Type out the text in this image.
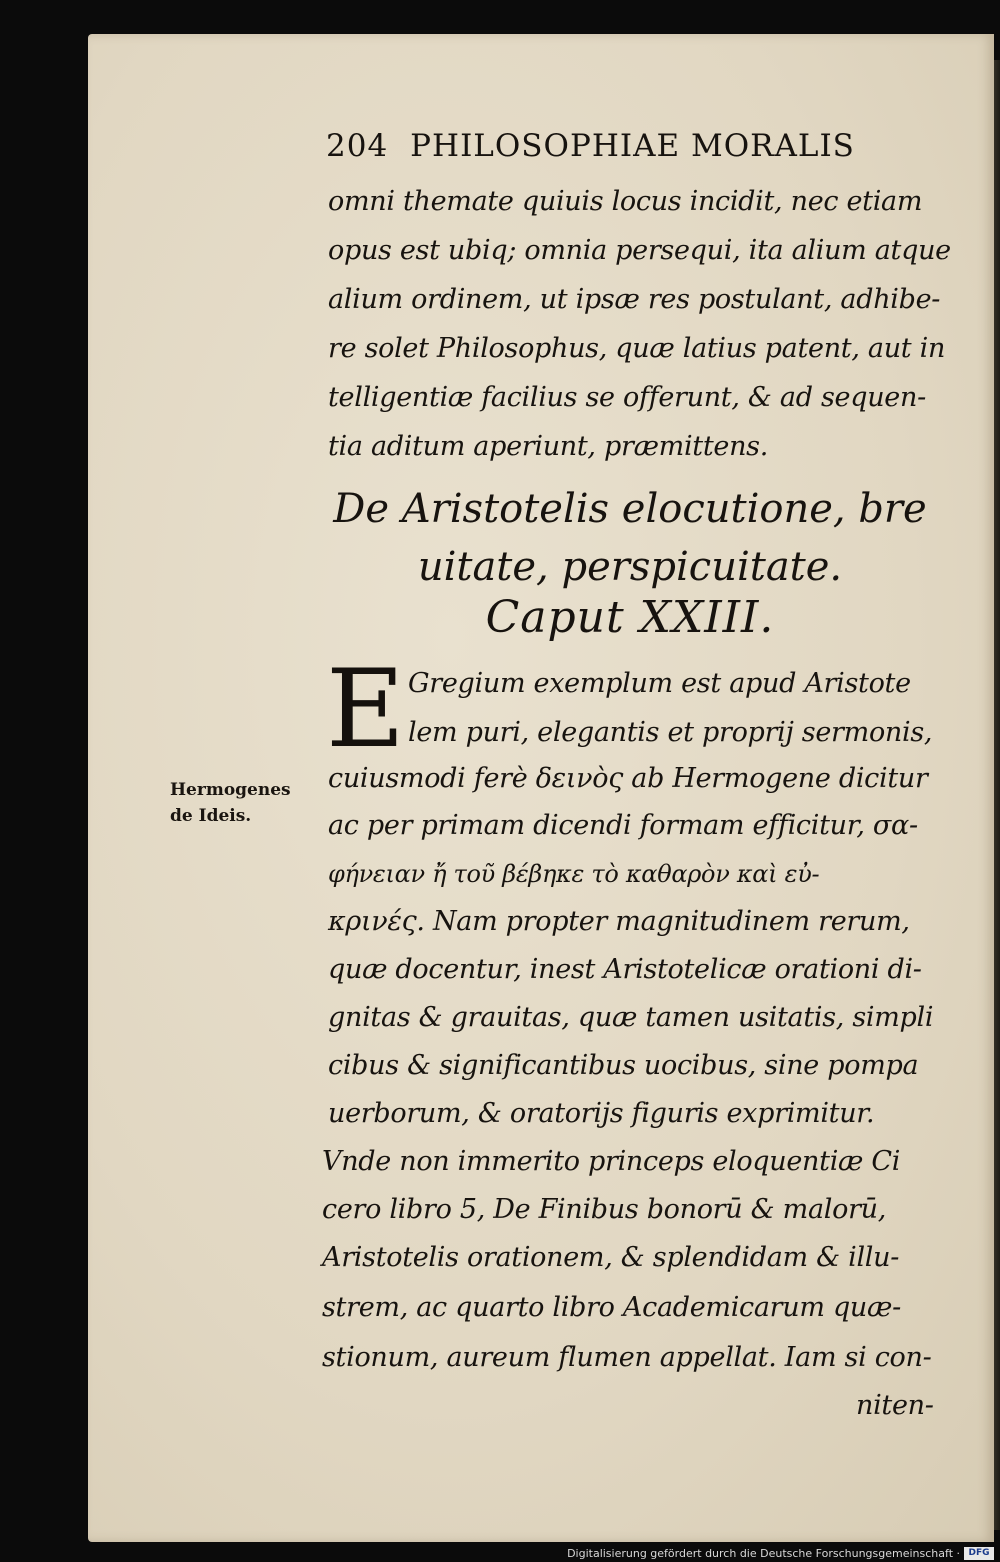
204 PHILOSOPHIAE MORALIS
omni themate quiuis locus incidit, nec etiam
opus est ubiq; omnia persequi, ita alium atque
alium ordinem, ut ipsæ res postulant, adhibe-
re solet Philosophus, quæ latius patent, aut in
telligentiæ facilius se offerunt, & ad sequen-
tia aditum aperiunt, præmittens.
De Aristotelis elocutione, bre
uitate, perspicuitate.
Caput XXIII.
E Gregium exemplum est apud Aristote
lem puri, elegantis et proprij sermonis,
cuiusmodi ferè δεινὸς ab Hermogene dicitur
ac per primam dicendi formam efficitur, σα-
φήνειαν ἤ τοῦ βέβηκε τὸ καθαρὸν καὶ εὐ-
κρινές. Nam propter magnitudinem rerum,
quæ docentur, inest Aristotelicæ orationi di-
gnitas & grauitas, quæ tamen usitatis, simpli
cibus & significantibus uocibus, sine pompa
uerborum, & oratorijs figuris exprimitur.
Vnde non immerito princeps eloquentiæ Ci
cero libro 5, De Finibus bonorū & malorū,
Aristotelis orationem, & splendidam & illu-
strem, ac quarto libro Academicarum quæ-
stionum, aureum flumen appellat. Iam si con-
niten-
Hermogenes
de Ideis.
Digitalisierung gefördert durch die Deutsche Forschungsgemeinschaft · DFG
